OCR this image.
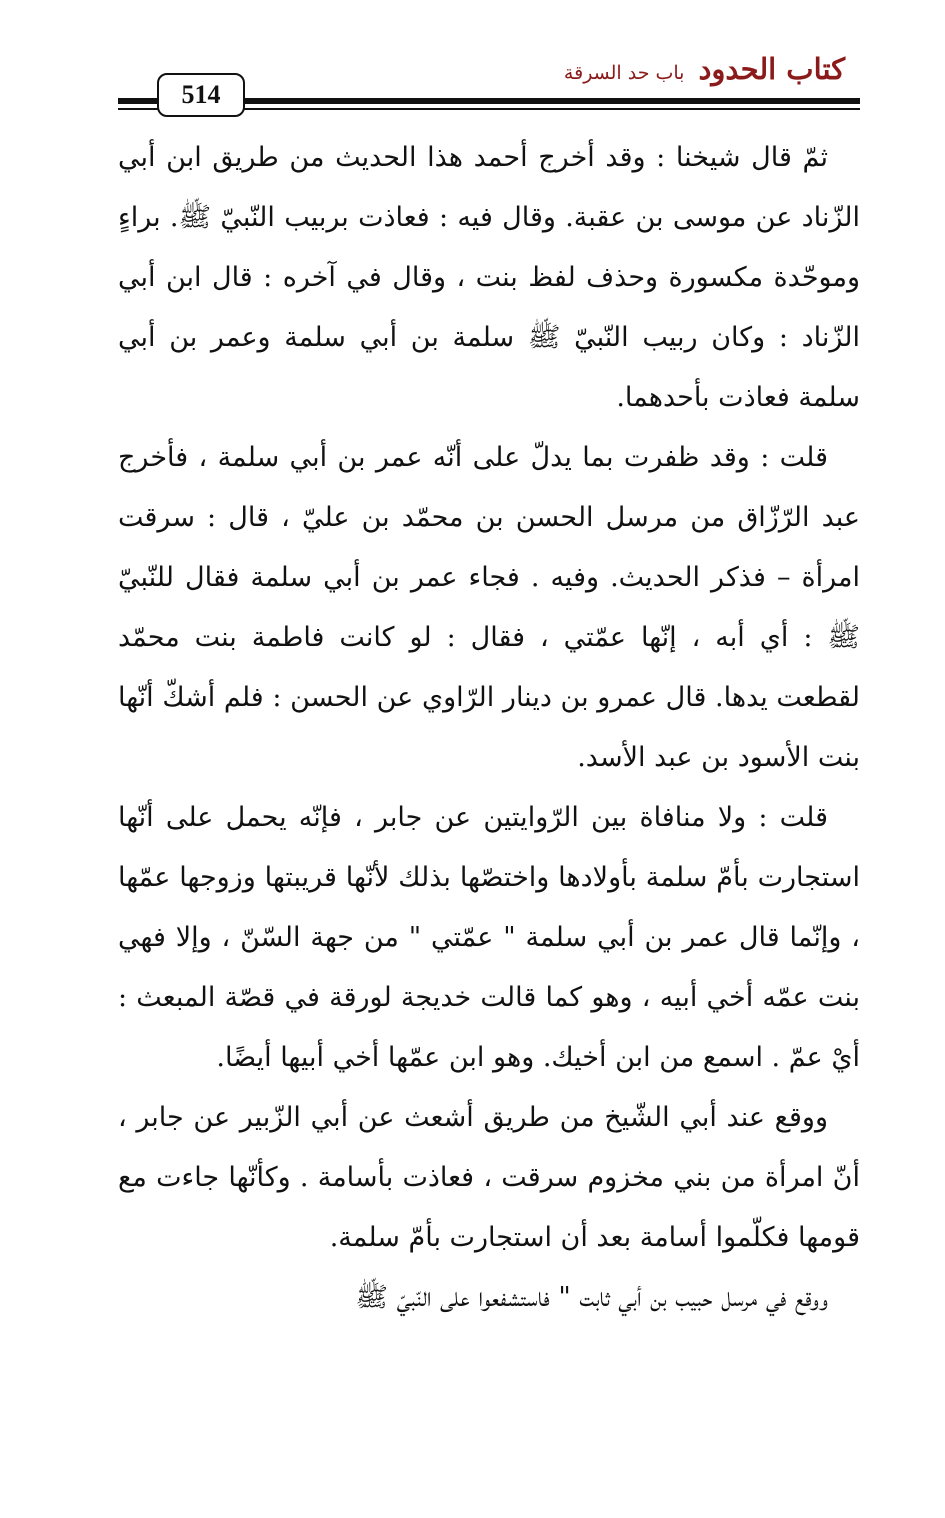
كتاب الحدود
باب حد السرقة
514

ثمّ قال شيخنا : وقد أخرج أحمد هذا الحديث من طريق ابن أبي الزّناد عن موسى بن عقبة. وقال فيه : فعاذت بربيب النّبيّ ﷺ. براءٍ وموحّدة مكسورة وحذف لفظ بنت ، وقال في آخره : قال ابن أبي الزّناد : وكان ربيب النّبيّ ﷺ سلمة بن أبي سلمة وعمر بن أبي سلمة فعاذت بأحدهما.

قلت : وقد ظفرت بما يدلّ على أنّه عمر بن أبي سلمة ، فأخرج عبد الرّزّاق من مرسل الحسن بن محمّد بن عليّ ، قال : سرقت امرأة – فذكر الحديث. وفيه . فجاء عمر بن أبي سلمة فقال للنّبيّ ﷺ : أي أبه ، إنّها عمّتي ، فقال : لو كانت فاطمة بنت محمّد لقطعت يدها. قال عمرو بن دينار الرّاوي عن الحسن : فلم أشكّ أنّها بنت الأسود بن عبد الأسد.

قلت : ولا منافاة بين الرّوايتين عن جابر ، فإنّه يحمل على أنّها استجارت بأمّ سلمة بأولادها واختصّها بذلك لأنّها قريبتها وزوجها عمّها ، وإنّما قال عمر بن أبي سلمة " عمّتي " من جهة السّنّ ، وإلا فهي بنت عمّه أخي أبيه ، وهو كما قالت خديجة لورقة في قصّة المبعث : أيْ عمّ . اسمع من ابن أخيك. وهو ابن عمّها أخي أبيها أيضًا.

ووقع عند أبي الشّيخ من طريق أشعث عن أبي الزّبير عن جابر ، أنّ امرأة من بني مخزوم سرقت ، فعاذت بأسامة . وكأنّها جاءت مع قومها فكلّموا أسامة بعد أن استجارت بأمّ سلمة.

ووقع في مرسل حبيب بن أبي ثابت " فاستشفعوا على النّبيّ ﷺ
